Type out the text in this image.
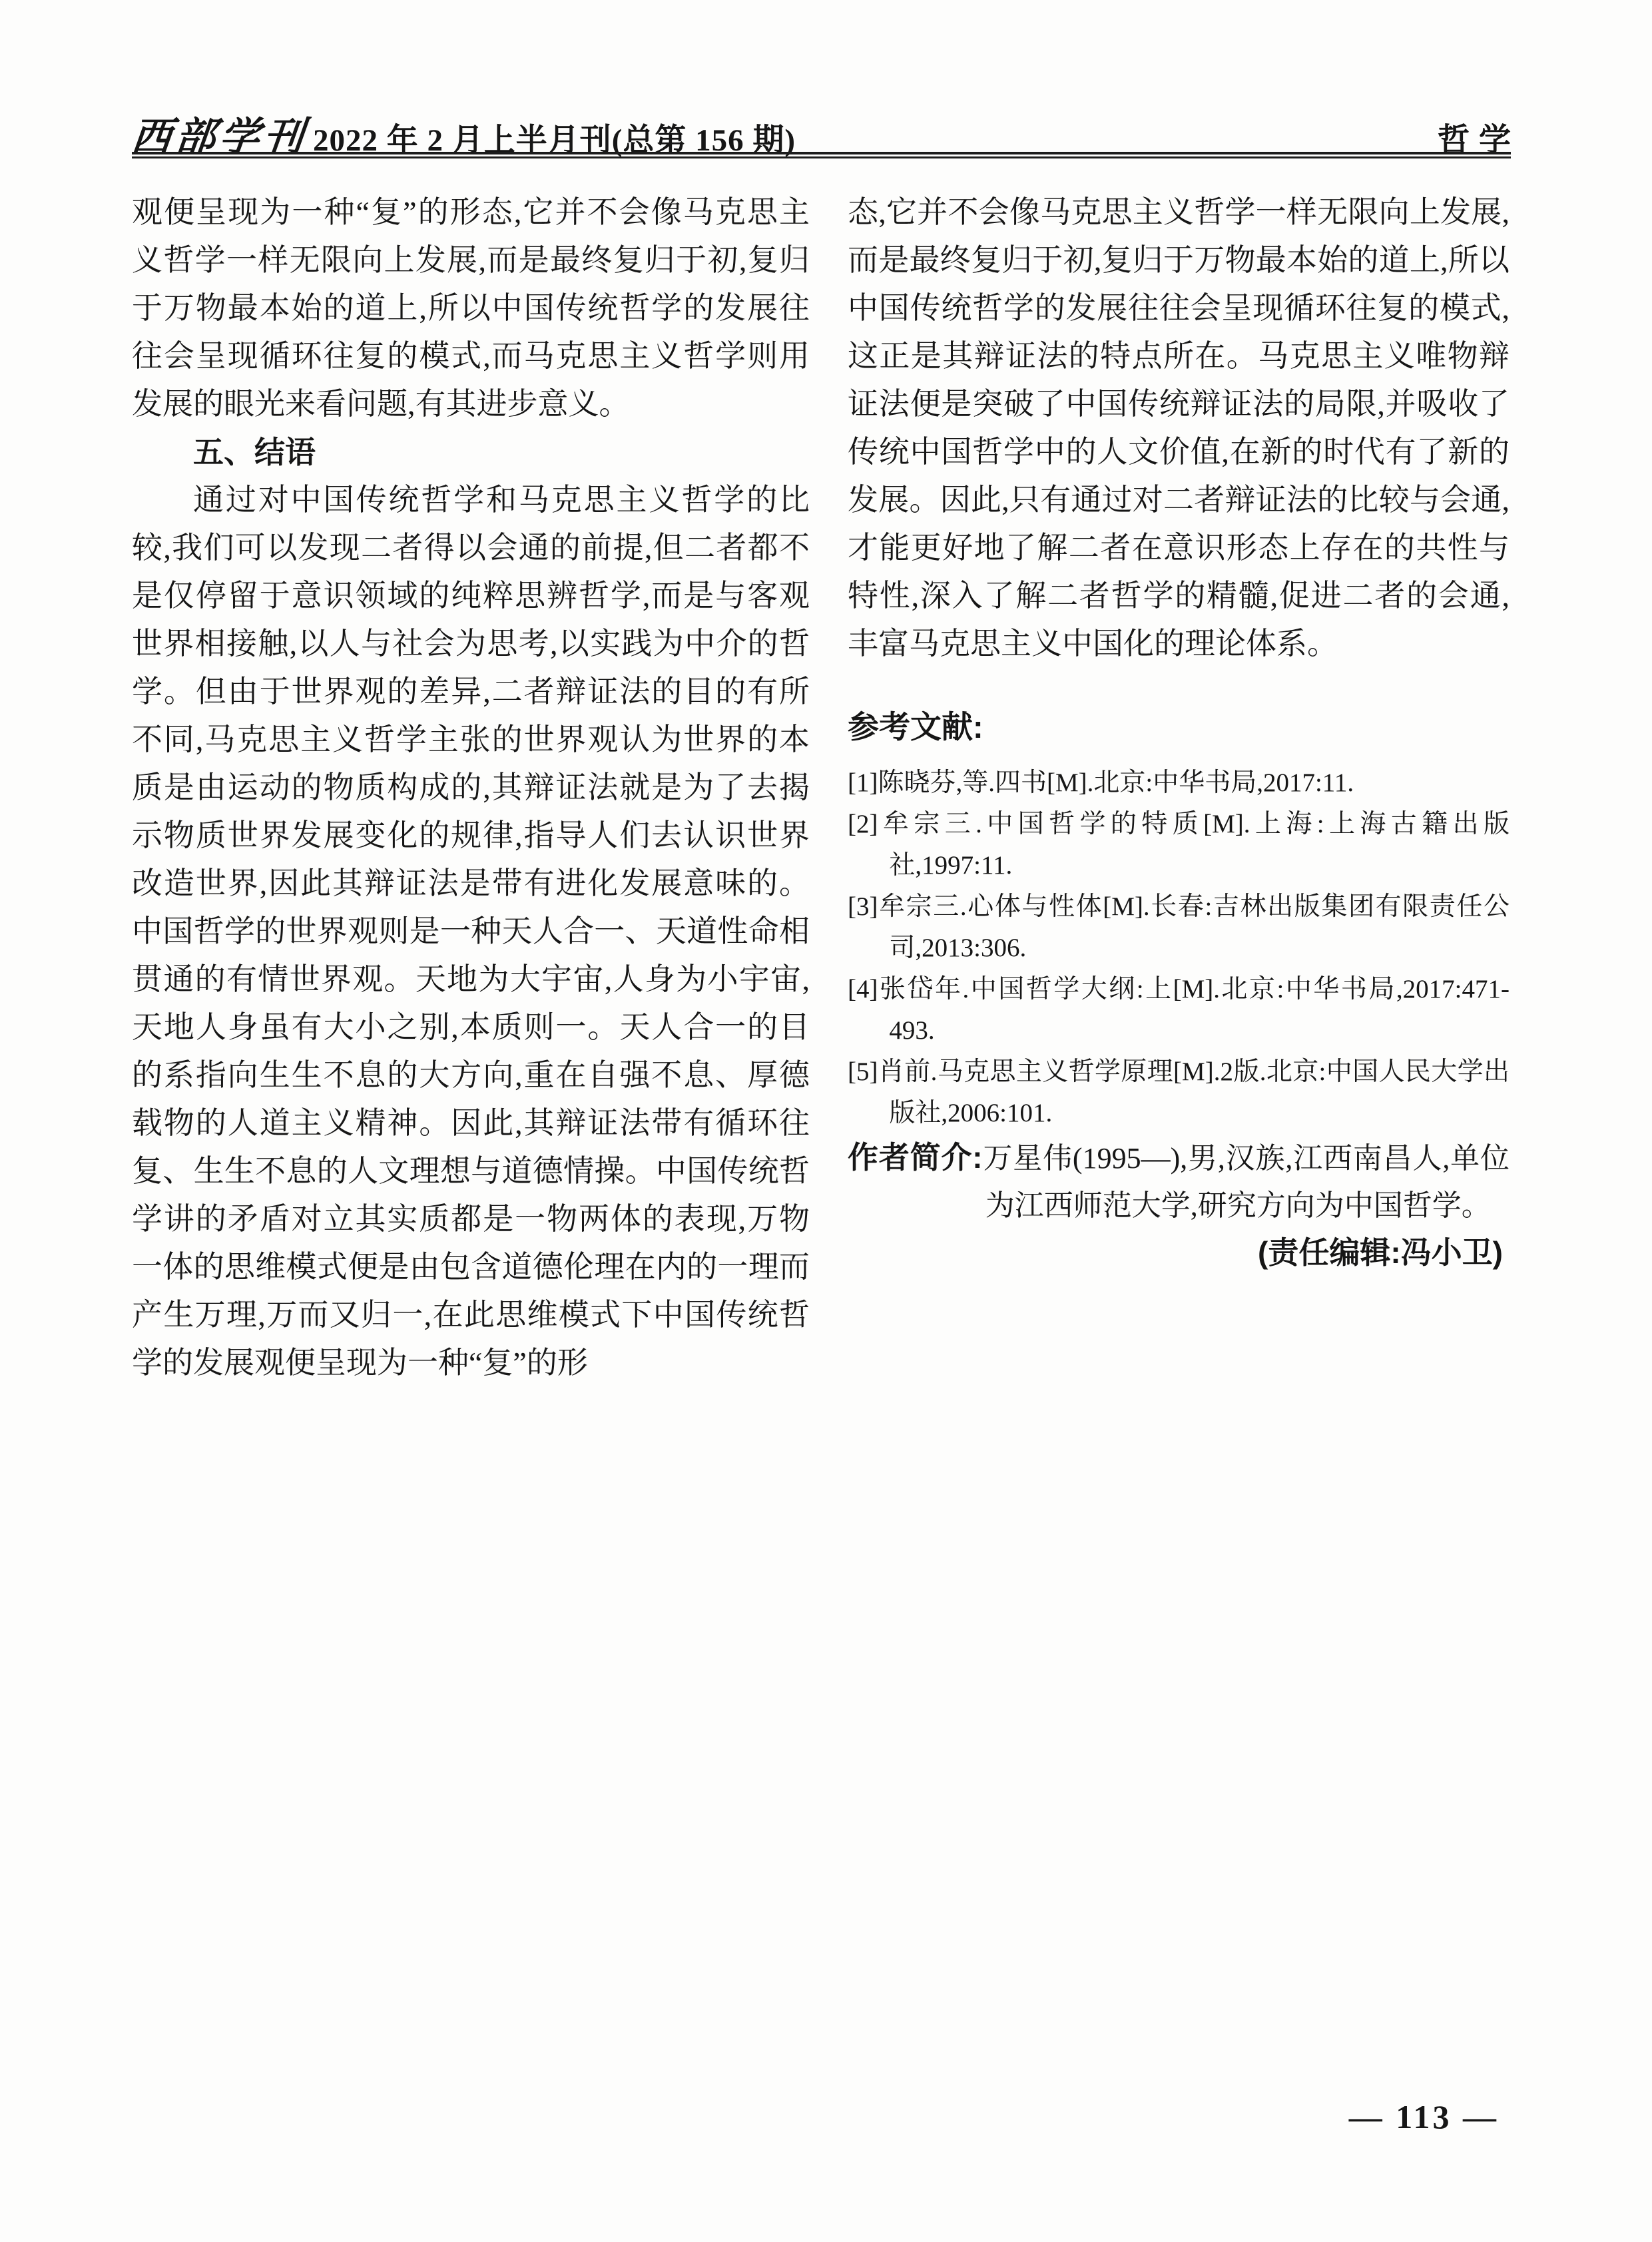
西部学刊 2022 年 2 月上半月刊(总第 156 期)	哲学

观便呈现为一种“复”的形态,它并不会像马克思主义哲学一样无限向上发展,而是最终复归于初,复归于万物最本始的道上,所以中国传统哲学的发展往往会呈现循环往复的模式,而马克思主义哲学则用发展的眼光来看问题,有其进步意义。

五、结语

通过对中国传统哲学和马克思主义哲学的比较,我们可以发现二者得以会通的前提,但二者都不是仅停留于意识领域的纯粹思辨哲学,而是与客观世界相接触,以人与社会为思考,以实践为中介的哲学。但由于世界观的差异,二者辩证法的目的有所不同,马克思主义哲学主张的世界观认为世界的本质是由运动的物质构成的,其辩证法就是为了去揭示物质世界发展变化的规律,指导人们去认识世界改造世界,因此其辩证法是带有进化发展意味的。中国哲学的世界观则是一种天人合一、天道性命相贯通的有情世界观。天地为大宇宙,人身为小宇宙,天地人身虽有大小之别,本质则一。天人合一的目的系指向生生不息的大方向,重在自强不息、厚德载物的人道主义精神。因此,其辩证法带有循环往复、生生不息的人文理想与道德情操。中国传统哲学讲的矛盾对立其实质都是一物两体的表现,万物一体的思维模式便是由包含道德伦理在内的一理而产生万理,万而又归一,在此思维模式下中国传统哲学的发展观便呈现为一种“复”的形

态,它并不会像马克思主义哲学一样无限向上发展,而是最终复归于初,复归于万物最本始的道上,所以中国传统哲学的发展往往会呈现循环往复的模式,这正是其辩证法的特点所在。马克思主义唯物辩证法便是突破了中国传统辩证法的局限,并吸收了传统中国哲学中的人文价值,在新的时代有了新的发展。因此,只有通过对二者辩证法的比较与会通,才能更好地了解二者在意识形态上存在的共性与特性,深入了解二者哲学的精髓,促进二者的会通,丰富马克思主义中国化的理论体系。

参考文献:
[1]陈晓芬,等.四书[M].北京:中华书局,2017:11.
[2]牟宗三.中国哲学的特质[M].上海:上海古籍出版社,1997:11.
[3]牟宗三.心体与性体[M].长春:吉林出版集团有限责任公司,2013:306.
[4]张岱年.中国哲学大纲:上[M].北京:中华书局,2017:471-493.
[5]肖前.马克思主义哲学原理[M].2版.北京:中国人民大学出版社,2006:101.

作者简介:万星伟(1995—),男,汉族,江西南昌人,单位为江西师范大学,研究方向为中国哲学。

(责任编辑:冯小卫)

— 113 —
